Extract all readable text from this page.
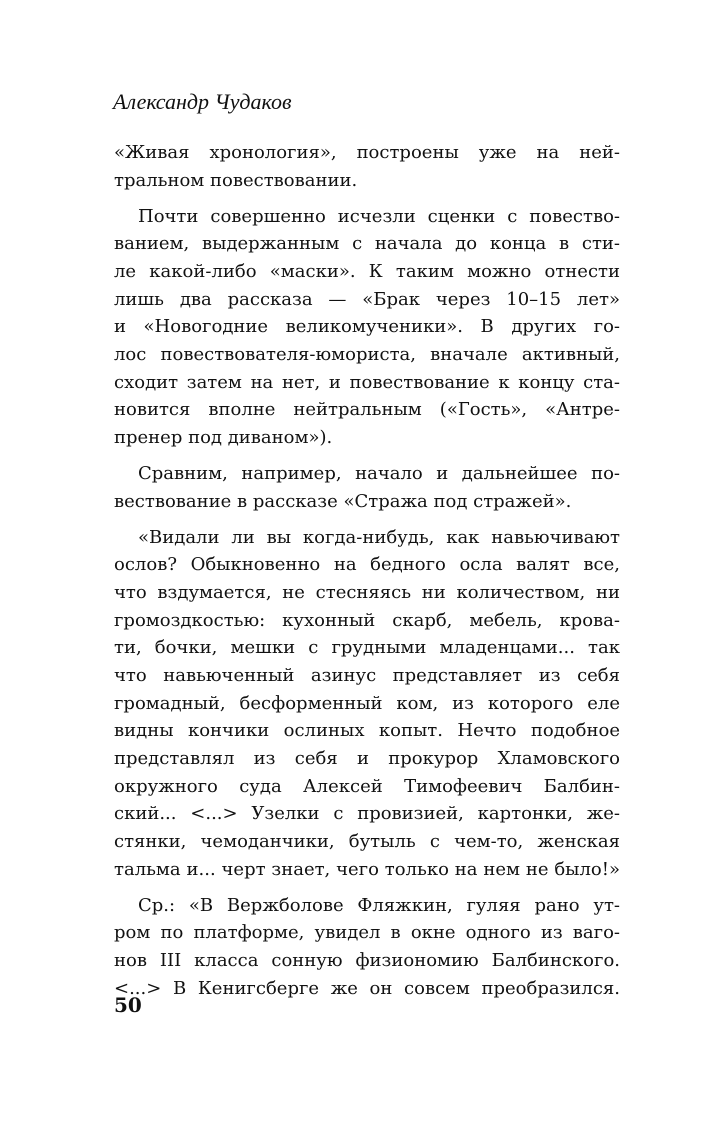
Александр Чудаков
«Живая хронология», построены уже на ней-
тральном повествовании.
Почти совершенно исчезли сценки с повество-
ванием, выдержанным с начала до конца в сти-
ле какой-либо «маски». К таким можно отнести
лишь два рассказа — «Брак через 10–15 лет»
и «Новогодние великомученики». В других го-
лос повествователя-юмориста, вначале активный,
сходит затем на нет, и повествование к концу ста-
новится вполне нейтральным («Гость», «Антре-
пренер под диваном»).
Сравним, например, начало и дальнейшее по-
вествование в рассказе «Стража под стражей».
«Видали ли вы когда-нибудь, как навьючивают
ослов? Обыкновенно на бедного осла валят все,
что вздумается, не стесняясь ни количеством, ни
громоздкостью: кухонный скарб, мебель, крова-
ти, бочки, мешки с грудными младенцами... так
что навьюченный азинус представляет из себя
громадный, бесформенный ком, из которого еле
видны кончики ослиных копыт. Нечто подобное
представлял из себя и прокурор Хламовского
окружного суда Алексей Тимофеевич Балбин-
ский... <...> Узелки с провизией, картонки, же-
стянки, чемоданчики, бутыль с чем-то, женская
тальма и... черт знает, чего только на нем не было!»
Ср.: «В Вержболове Фляжкин, гуляя рано ут-
ром по платформе, увидел в окне одного из ваго-
нов III класса сонную физиономию Балбинского.
<...> В Кенигсберге же он совсем преобразился.
50
